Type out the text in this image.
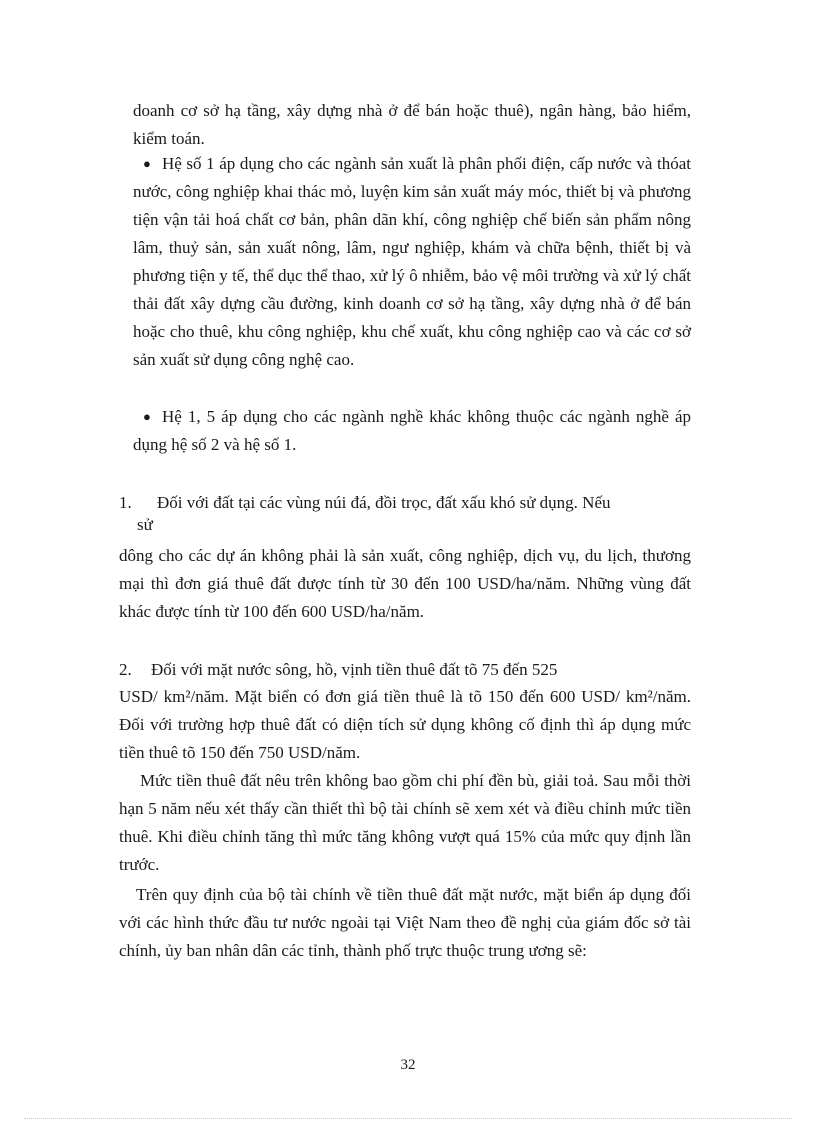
doanh cơ sở hạ tầng, xây dựng nhà ở để bán hoặc thuê), ngân hàng, bảo hiểm, kiểm toán.

● Hệ số 1 áp dụng cho các ngành sản xuất là phân phối điện, cấp nước và thóat nước, công nghiệp khai thác mỏ, luyện kim sản xuất máy móc, thiết bị và phương tiện vận tải hoá chất cơ bản, phân dãn khí, công nghiệp chế biến sản phẩm nông lâm, thuỷ sản, sản xuất nông, lâm, ngư nghiệp, khám và chữa bệnh, thiết bị và phương tiện y tế, thể dục thể thao, xử lý ô nhiễm, bảo vệ môi trường và xử lý chất thải đất xây dựng cầu đường, kinh doanh cơ sở hạ tầng, xây dựng nhà ở để bán hoặc cho thuê, khu công nghiệp, khu chế xuất, khu công nghiệp cao và các cơ sở sản xuất sử dụng công nghệ cao.

● Hệ 1, 5 áp dụng cho các ngành nghề khác không thuộc các ngành nghề áp dụng hệ số 2 và hệ số 1.

1. Đối với đất tại các vùng núi đá, đồi trọc, đất xấu khó sử dụng. Nếu
sử

dông cho các dự án không phải là sản xuất, công nghiệp, dịch vụ, du lịch, thương mại thì đơn giá thuê đất được tính từ 30 đến 100 USD/ha/năm. Những vùng đất khác được tính từ 100 đến 600 USD/ha/năm.

2. Đối với mặt nước sông, hồ, vịnh tiền thuê đất tõ 75 đến 525

USD/ km²/năm. Mặt biển có đơn giá tiền thuê là tõ 150 đến 600 USD/ km²/năm. Đối với trường hợp thuê đất có diện tích sử dụng không cố định thì áp dụng mức tiền thuê tõ 150 đến 750 USD/năm.

Mức tiền thuê đất nêu trên không bao gồm chi phí đền bù, giải toả. Sau mỗi thời hạn 5 năm nếu xét thấy cần thiết thì bộ tài chính sẽ xem xét và điều chỉnh mức tiền thuê. Khi điều chỉnh tăng thì mức tăng không vượt quá 15% của mức quy định lần trước.

Trên quy định của bộ tài chính về tiền thuê đất mặt nước, mặt biển áp dụng đối với các hình thức đầu tư nước ngoài tại Việt Nam theo đề nghị của giám đốc sở tài chính, ủy ban nhân dân các tỉnh, thành phố trực thuộc trung ương sẽ:

32
